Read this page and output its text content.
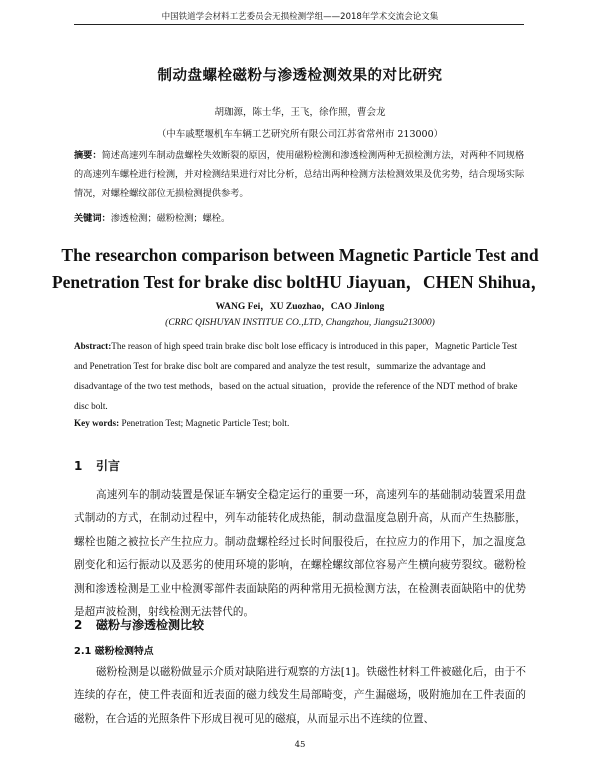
中国铁道学会材料工艺委员会无损检测学组——2018年学术交流会论文集
制动盘螺栓磁粉与渗透检测效果的对比研究
胡珈源，陈士华，王飞，徐作照，曹会龙
（中车戚墅堰机车车辆工艺研究所有限公司江苏省常州市 213000）
摘要：简述高速列车制动盘螺栓失效断裂的原因，使用磁粉检测和渗透检测两种无损检测方法，对两种不同规格的高速列车螺栓进行检测，并对检测结果进行对比分析，总结出两种检测方法检测效果及优劣势，结合现场实际情况，对螺栓螺纹部位无损检测提供参考。
关键词：渗透检测；磁粉检测；螺栓。
The researchon comparison between Magnetic Particle Test and Penetration Test for brake disc boltHU Jiayuan，CHEN Shihua，
WANG Fei，XU Zuozhao，CAO Jinlong
(CRRC QISHUYAN INSTITUE CO.,LTD, Changzhou, Jiangsu213000)
Abstract:The reason of high speed train brake disc bolt lose efficacy is introduced in this paper，Magnetic Particle Test and Penetration Test for brake disc bolt are compared and analyze the test result，summarize the advantage and disadvantage of the two test methods，based on the actual situation，provide the reference of the NDT method of brake disc bolt.
Key words: Penetration Test; Magnetic Particle Test; bolt.
1 引言
高速列车的制动装置是保证车辆安全稳定运行的重要一环，高速列车的基础制动装置采用盘式制动的方式，在制动过程中，列车动能转化成热能，制动盘温度急剧升高，从而产生热膨胀，螺栓也随之被拉长产生拉应力。制动盘螺栓经过长时间服役后，在拉应力的作用下，加之温度急剧变化和运行振动以及恶劣的使用环境的影响，在螺栓螺纹部位容易产生横向疲劳裂纹。磁粉检测和渗透检测是工业中检测零部件表面缺陷的两种常用无损检测方法，在检测表面缺陷中的优势是超声波检测，射线检测无法替代的。
2 磁粉与渗透检测比较
2.1 磁粉检测特点
磁粉检测是以磁粉做显示介质对缺陷进行观察的方法[1]。铁磁性材料工件被磁化后，由于不连续的存在，使工件表面和近表面的磁力线发生局部畸变，产生漏磁场，吸附施加在工件表面的磁粉，在合适的光照条件下形成目视可见的磁痕，从而显示出不连续的位置、
45
